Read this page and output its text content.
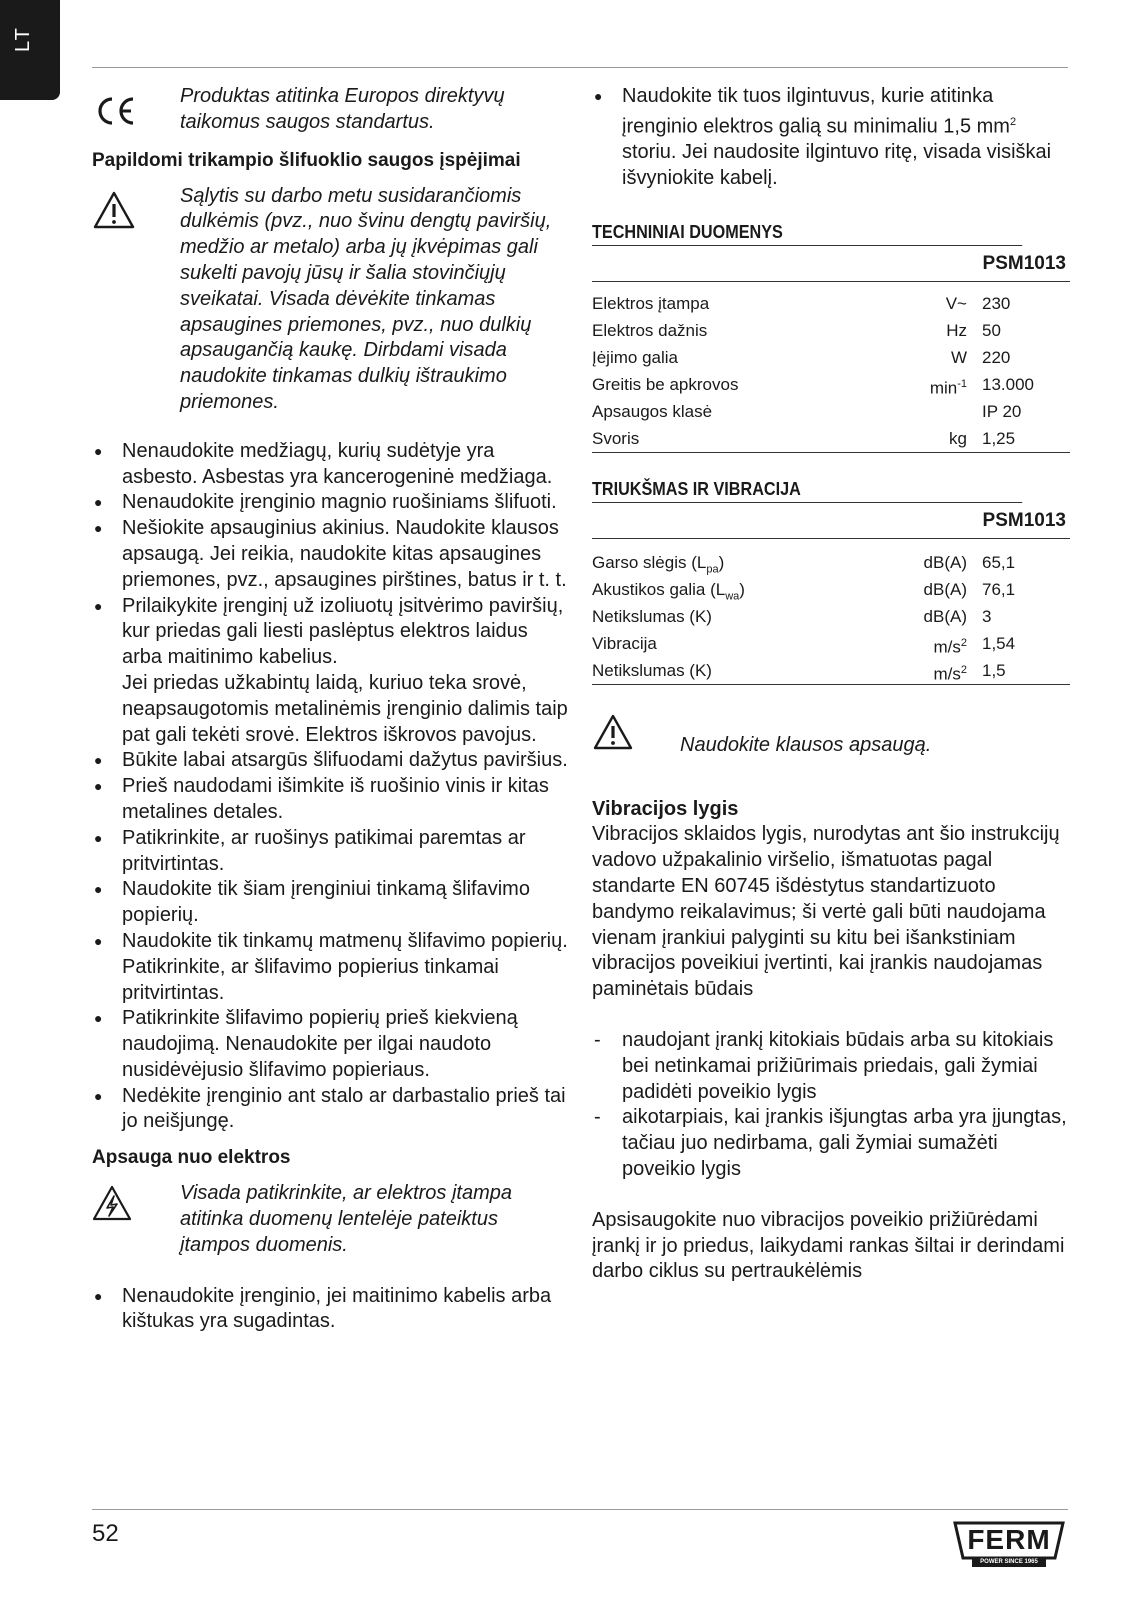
LT
Produktas atitinka Europos direktyvų taikomus saugos standartus.
Papildomi trikampio šlifuoklio saugos įspėjimai
Sąlytis su darbo metu susidarančiomis dulkėmis (pvz., nuo švinu dengtų paviršių, medžio ar metalo) arba jų įkvėpimas gali sukelti pavojų jūsų ir šalia stovinčiųjų sveikatai. Visada dėvėkite tinkamas apsaugines priemones, pvz., nuo dulkių apsaugančią kaukę. Dirbdami visada naudokite tinkamas dulkių ištraukimo priemones.
● Nenaudokite medžiagų, kurių sudėtyje yra asbesto. Asbestas yra kancerogeninė medžiaga.
● Nenaudokite įrenginio magnio ruošiniams šlifuoti.
● Nešiokite apsauginius akinius. Naudokite klausos apsaugą. Jei reikia, naudokite kitas apsaugines priemones, pvz., apsaugines pirštines, batus ir t. t.
● Prilaikykite įrenginį už izoliuotų įsitvėrimo paviršių, kur priedas gali liesti paslėptus elektros laidus arba maitinimo kabelius.
Jei priedas užkabintų laidą, kuriuo teka srovė, neapsaugotomis metalinėmis įrenginio dalimis taip pat gali tekėti srovė. Elektros iškrovos pavojus.
● Būkite labai atsargūs šlifuodami dažytus paviršius.
● Prieš naudodami išimkite iš ruošinio vinis ir kitas metalines detales.
● Patikrinkite, ar ruošinys patikimai paremtas ar pritvirtintas.
● Naudokite tik šiam įrenginiui tinkamą šlifavimo popierių.
● Naudokite tik tinkamų matmenų šlifavimo popierių. Patikrinkite, ar šlifavimo popierius tinkamai pritvirtintas.
● Patikrinkite šlifavimo popierių prieš kiekvieną naudojimą. Nenaudokite per ilgai naudoto nusidėvėjusio šlifavimo popieriaus.
● Nedėkite įrenginio ant stalo ar darbastalio prieš tai jo neišjungę.
Apsauga nuo elektros
Visada patikrinkite, ar elektros įtampa atitinka duomenų lentelėje pateiktus įtampos duomenis.
● Nenaudokite įrenginio, jei maitinimo kabelis arba kištukas yra sugadintas.
● Naudokite tik tuos ilgintuvus, kurie atitinka įrenginio elektros galią su minimaliu 1,5 $mm^2$ storiu. Jei naudosite ilgintuvo ritę, visada visiškai išvyniokite kabelį.
TECHNINIAI DUOMENYS
PSM1013
Elektros įtampa	V~ 230
Elektros dažnis	Hz 50
Įėjimo galia	W 220
Greitis be apkrovos	$\min^{-1} 13.000$
Apsaugos klasė	IP 20
Svoris	kg 1,25
TRIUKŠMAS IR VIBRACIJA
PSM1013
Garso slėgis $(L_{pa})$	dB(A) 65,1
Akustikos galia $(L_{wa})$	dB(A) 76,1
Netikslumas (K)	dB(A) 3
Vibracija	$m/s^2$ 1,54
Netikslumas (K)	$m/s^2$ 1,5
Naudokite klausos apsaugą.
Vibracijos lygis
Vibracijos sklaidos lygis, nurodytas ant šio instrukcijų vadovo užpakalinio viršelio, išmatuotas pagal standarte EN 60745 išdėstytus standartizuoto bandymo reikalavimus; ši vertė gali būti naudojama vienam įrankiui palyginti su kitu bei išankstiniam vibracijos poveikiui įvertinti, kai įrankis naudojamas paminėtais būdais
- naudojant įrankį kitokiais būdais arba su kitokiais bei netinkamai prižiūrimais priedais, gali žymiai padidėti poveikio lygis
- aikotarpiais, kai įrankis išjungtas arba yra įjungtas, tačiau juo nedirbama, gali žymiai sumažėti poveikio lygis
Apsisaugokite nuo vibracijos poveikio prižiūrėdami įrankį ir jo priedus, laikydami rankas šiltai ir derindami darbo ciklus su pertraukėlėmis
52	FERM
POWER SINCE 1965
